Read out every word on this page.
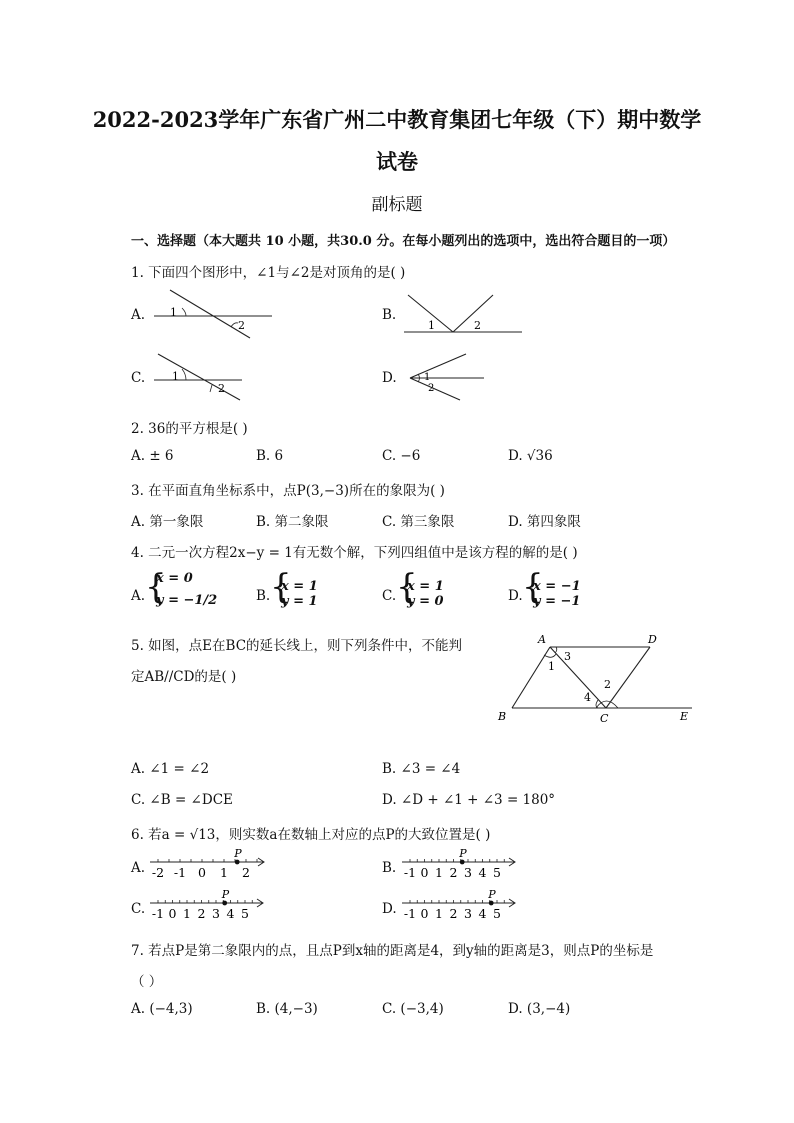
2022-2023学年广东省广州二中教育集团七年级（下）期中数学
试卷
副标题
一、选择题（本大题共 10 小题，共30.0 分。在每小题列出的选项中，选出符合题目的一项）
1. 下面四个图形中，∠1与∠2是对顶角的是( )
A. 1
2
B.
1	2
C. 1
2
D.	1
2
2. 36的平方根是( )
A. ± 6	B. 6	C. −6	D. √36
3. 在平面直角坐标系中，点P(3,−3)所在的象限为( )
A. 第一象限	B. 第二象限	C. 第三象限	D. 第四象限
4. 二元一次方程2x−y = 1有无数个解，下列四组值中是该方程的解的是( )
A. {
x = 0
y = −1/2	B. {
x = 1
y = 1	C. {
x = 1
y = 0	D. {
x = −1
y = −1
5. 如图，点E在BC的延长线上，则下列条件中，不能判
定AB//CD的是( )
A	D
B	C	E
1
3
4
2
A. ∠1 = ∠2	B. ∠3 = ∠4
C. ∠B = ∠DCE	D. ∠D + ∠1 + ∠3 = 180°
6. 若a = √13，则实数a在数轴上对应的点P的大致位置是( )
A. -2 -1 0 1 2
P
B. -1 0 1 2 3 4 5
P
C. -1 0 1 2 3 4 5
P
D. -1 0 1 2 3 4 5
P
7. 若点P是第二象限内的点，且点P到x轴的距离是4，到y轴的距离是3，则点P的坐标是
（ ）
A. (−4,3)	B. (4,−3)	C. (−3,4)	D. (3,−4)
